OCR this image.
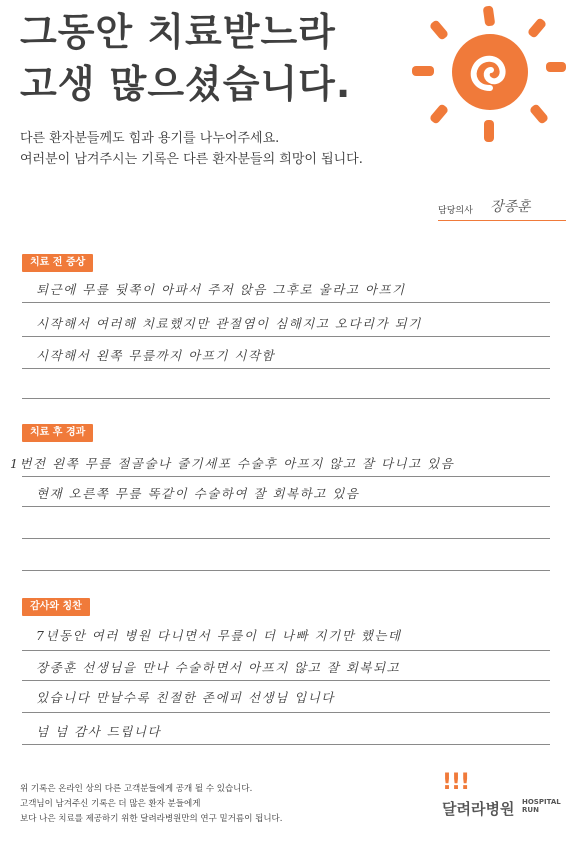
그동안 치료받느라
고생 많으셨습니다.
다른 환자분들께도 힘과 용기를 나누어주세요.
여러분이 남겨주시는 기록은 다른 환자분들의 희망이 됩니다.
담당의사 장종훈
치료 전 증상
퇴근에 무릎 뒷쪽이 아파서 주저 앉음 그후로 울라고 아프기
시작해서 여러해 치료했지만 관절염이 심해지고 오다리가 되기
시작해서 왼쪽 무릎까지 아프기 시작함
치료 후 경과
1번전 왼쪽 무릎 절골술나 줄기세포 수술후 아프지 않고 잘 다니고 있음
현재 오른쪽 무릎 똑같이 수술하여 잘 회복하고 있음
감사와 칭찬
7년동안 여러 병원 다니면서 무릎이 더 나빠 지기만 했는데
장종훈 선생님을 만나 수술하면서 아프지 않고 잘 회복되고
있습니다 만날수록 친절한 존에피 선생님 입니다
넘 넘 감사 드립니다
위 기록은 온라인 상의 다른 고객분들에게 공개 될 수 있습니다.
고객님이 남겨주신 기록은 더 많은 환자 분들에게
보다 나은 치료를 제공하기 위한 달려라병원만의 연구 밑거름이 됩니다.
!!!
달려라병원 HOSPITAL
RUN
